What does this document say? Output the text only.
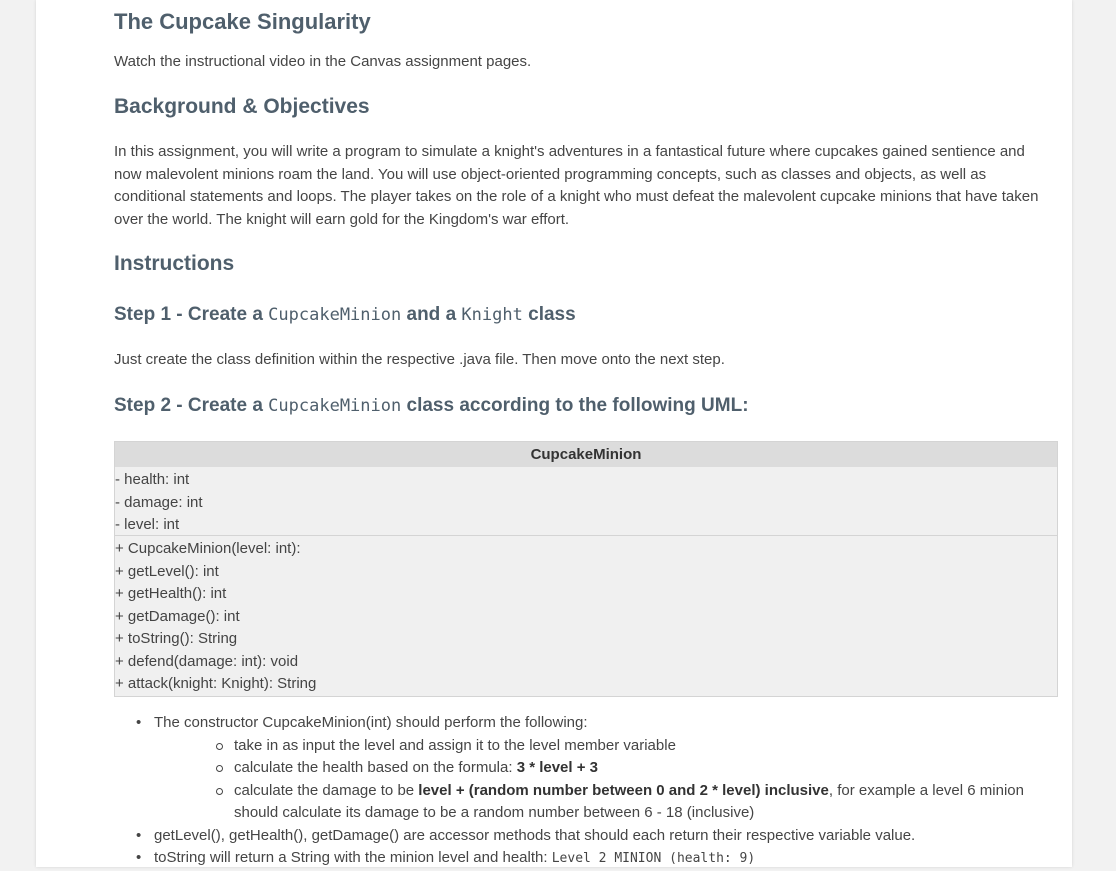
The Cupcake Singularity

Watch the instructional video in the Canvas assignment pages.

Background & Objectives

In this assignment, you will write a program to simulate a knight's adventures in a fantastical future where cupcakes gained sentience and now malevolent minions roam the land. You will use object-oriented programming concepts, such as classes and objects, as well as conditional statements and loops. The player takes on the role of a knight who must defeat the malevolent cupcake minions that have taken over the world. The knight will earn gold for the Kingdom's war effort.

Instructions
Step 1 - Create a CupcakeMinion and a Knight class

Just create the class definition within the respective .java file. Then move onto the next step.

Step 2 - Create a CupcakeMinion class according to the following UML:
CupcakeMinion
- health: int
- damage: int
- level: int
+ CupcakeMinion(level: int):
+ getLevel(): int
+ getHealth(): int
+ getDamage(): int
+ toString(): String
+ defend(damage: int): void
+ attack(knight: Knight): String
• The constructor CupcakeMinion(int) should perform the following:
take in as input the level and assign it to the level member variable
calculate the health based on the formula: 3 * level + 3
calculate the damage to be level + (random number between 0 and 2 * level) inclusive, for example a level 6 minion should calculate its damage to be a random number between 6 - 18 (inclusive)
• getLevel(), getHealth(), getDamage() are accessor methods that should each return their respective variable value.
• toString will return a String with the minion level and health: Level 2 MINION (health: 9)
